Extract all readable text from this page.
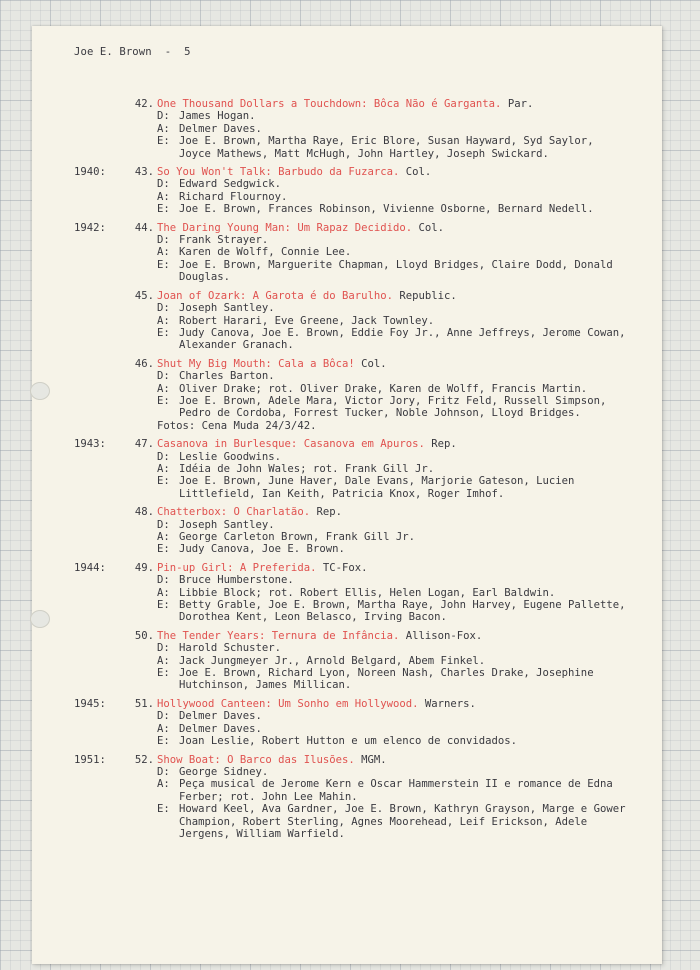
Joe E. Brown  -  5
42. One Thousand Dollars a Touchdown: Bôca Não é Garganta. Par.
D: James Hogan.
A: Delmer Daves.
E: Joe E. Brown, Martha Raye, Eric Blore, Susan Hayward, Syd Saylor, Joyce Mathews, Matt McHugh, John Hartley, Joseph Swickard.
1940:	43. So You Won't Talk: Barbudo da Fuzarca. Col.
D: Edward Sedgwick.
A: Richard Flournoy.
E: Joe E. Brown, Frances Robinson, Vivienne Osborne, Bernard Nedell.
1942:	44. The Daring Young Man: Um Rapaz Decidido. Col.
D: Frank Strayer.
A: Karen de Wolff, Connie Lee.
E: Joe E. Brown, Marguerite Chapman, Lloyd Bridges, Claire Dodd, Donald Douglas.
45. Joan of Ozark: A Garota é do Barulho. Republic.
D: Joseph Santley.
A: Robert Harari, Eve Greene, Jack Townley.
E: Judy Canova, Joe E. Brown, Eddie Foy Jr., Anne Jeffreys, Jerome Cowan, Alexander Granach.
46. Shut My Big Mouth: Cala a Bôca! Col.
D: Charles Barton.
A: Oliver Drake; rot. Oliver Drake, Karen de Wolff, Francis Martin.
E: Joe E. Brown, Adele Mara, Victor Jory, Fritz Feld, Russell Simpson, Pedro de Cordoba, Forrest Tucker, Noble Johnson, Lloyd Bridges.
Fotos: Cena Muda 24/3/42.
1943:	47. Casanova in Burlesque: Casanova em Apuros. Rep.
D: Leslie Goodwins.
A: Idéia de John Wales; rot. Frank Gill Jr.
E: Joe E. Brown, June Haver, Dale Evans, Marjorie Gateson, Lucien Littlefield, Ian Keith, Patricia Knox, Roger Imhof.
48. Chatterbox: O Charlatão. Rep.
D: Joseph Santley.
A: George Carleton Brown, Frank Gill Jr.
E: Judy Canova, Joe E. Brown.
1944:	49. Pin-up Girl: A Preferida. TC-Fox.
D: Bruce Humberstone.
A: Libbie Block; rot. Robert Ellis, Helen Logan, Earl Baldwin.
E: Betty Grable, Joe E. Brown, Martha Raye, John Harvey, Eugene Pallette, Dorothea Kent, Leon Belasco, Irving Bacon.
50. The Tender Years: Ternura de Infância. Allison-Fox.
D: Harold Schuster.
A: Jack Jungmeyer Jr., Arnold Belgard, Abem Finkel.
E: Joe E. Brown, Richard Lyon, Noreen Nash, Charles Drake, Josephine Hutchinson, James Millican.
1945:	51. Hollywood Canteen: Um Sonho em Hollywood. Warners.
D: Delmer Daves.
A: Delmer Daves.
E: Joan Leslie, Robert Hutton e um elenco de convidados.
1951:	52. Show Boat: O Barco das Ilusões. MGM.
D: George Sidney.
A: Peça musical de Jerome Kern e Oscar Hammerstein II e romance de Edna Ferber; rot. John Lee Mahin.
E: Howard Keel, Ava Gardner, Joe E. Brown, Kathryn Grayson, Marge e Gower Champion, Robert Sterling, Agnes Moorehead, Leif Erickson, Adele Jergens, William Warfield.
